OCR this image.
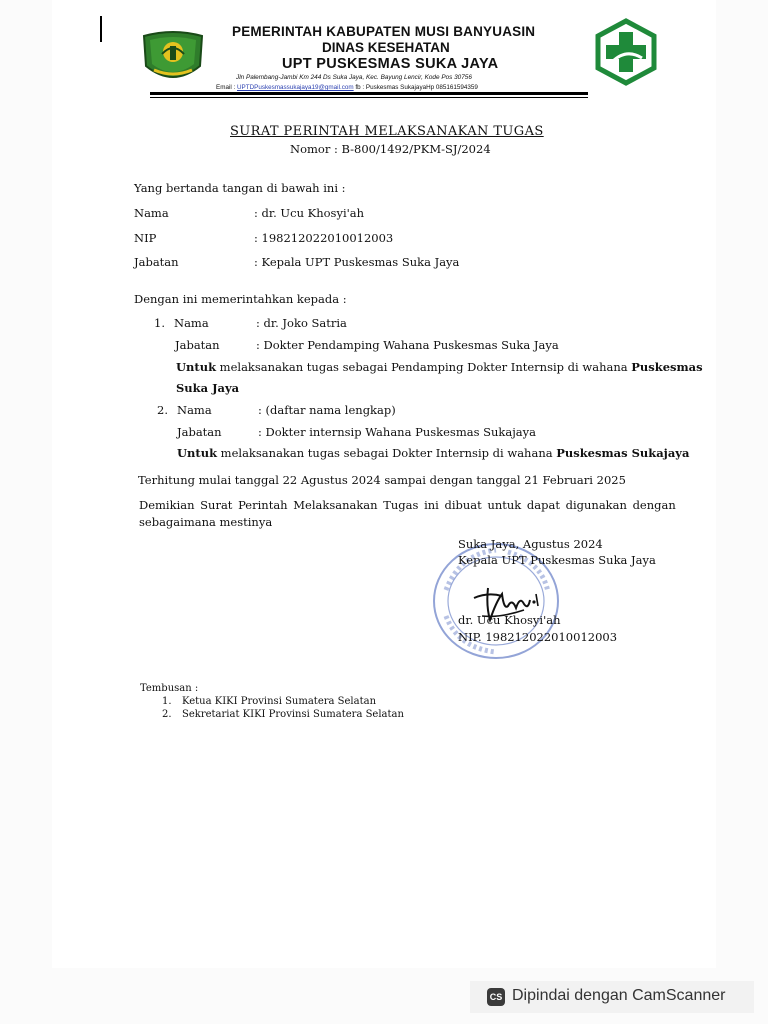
PEMERINTAH KABUPATEN MUSI BANYUASIN
DINAS KESEHATAN
UPT PUSKESMAS SUKA JAYA
Jln Palembang-Jambi Km 244 Ds Suka Jaya, Kec. Bayung Lencir, Kode Pos 30756
Email : UPTDPuskesmassukajaya19@gmail.com fb : Puskesmas SukajayaHp 085161594359
SURAT PERINTAH MELAKSANAKAN TUGAS
Nomor : B-800/1492/PKM-SJ/2024
Yang bertanda tangan di bawah ini :
Nama	: dr. Ucu Khosyi'ah
NIP	: 198212022010012003
Jabatan	: Kepala UPT Puskesmas Suka Jaya
Dengan ini memerintahkan kepada :
1. Nama	: dr. Joko Satria
Jabatan	: Dokter Pendamping Wahana Puskesmas Suka Jaya
Untuk melaksanakan tugas sebagai Pendamping Dokter Internsip di wahana Puskesmas
Suka Jaya
2. Nama	: (daftar nama lengkap)
Jabatan	: Dokter internsip Wahana Puskesmas Sukajaya
Untuk melaksanakan tugas sebagai Dokter Internsip di wahana Puskesmas Sukajaya
Terhitung mulai tanggal 22 Agustus 2024 sampai dengan tanggal 21 Februari 2025
Demikian Surat Perintah Melaksanakan Tugas ini dibuat untuk dapat digunakan dengan
sebagaimana mestinya
Suka Jaya, Agustus 2024
Kepala UPT Puskesmas Suka Jaya
dr. Ucu Khosyi'ah
NIP. 198212022010012003
Tembusan :
1. Ketua KIKI Provinsi Sumatera Selatan
2. Sekretariat KIKI Provinsi Sumatera Selatan
CS Dipindai dengan CamScanner
